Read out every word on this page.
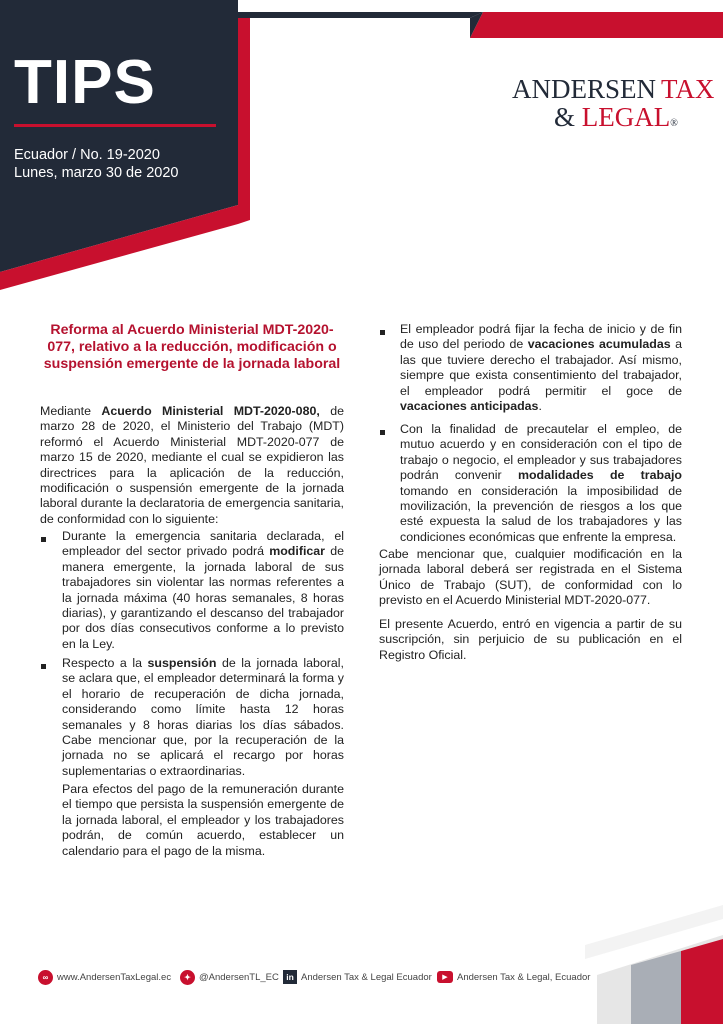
TIPS
Ecuador / No. 19-2020
Lunes, marzo 30 de 2020
ANDERSEN TAX
& LEGAL®
Reforma al Acuerdo Ministerial MDT-2020-077, relativo a la reducción, modificación o suspensión emergente de la jornada laboral

Mediante Acuerdo Ministerial MDT-2020-080, de marzo 28 de 2020, el Ministerio del Trabajo (MDT) reformó el Acuerdo Ministerial MDT-2020-077 de marzo 15 de 2020, mediante el cual se expidieron las directrices para la aplicación de la reducción, modificación o suspensión emergente de la jornada laboral durante la declaratoria de emergencia sanitaria, de conformidad con lo siguiente:

Durante la emergencia sanitaria declarada, el empleador del sector privado podrá modificar de manera emergente, la jornada laboral de sus trabajadores sin violentar las normas referentes a la jornada máxima (40 horas semanales, 8 horas diarias), y garantizando el descanso del trabajador por dos días consecutivos conforme a lo previsto en la Ley.
Respecto a la suspensión de la jornada laboral, se aclara que, el empleador determinará la forma y el horario de recuperación de dicha jornada, considerando como límite hasta 12 horas semanales y 8 horas diarias los días sábados. Cabe mencionar que, por la recuperación de la jornada no se aplicará el recargo por horas suplementarias o extraordinarias.
Para efectos del pago de la remuneración durante el tiempo que persista la suspensión emergente de la jornada laboral, el empleador y los trabajadores podrán, de común acuerdo, establecer un calendario para el pago de la misma.
El empleador podrá fijar la fecha de inicio y de fin de uso del periodo de vacaciones acumuladas a las que tuviere derecho el trabajador. Así mismo, siempre que exista consentimiento del trabajador, el empleador podrá permitir el goce de vacaciones anticipadas.
Con la finalidad de precautelar el empleo, de mutuo acuerdo y en consideración con el tipo de trabajo o negocio, el empleador y sus trabajadores podrán convenir modalidades de trabajo tomando en consideración la imposibilidad de movilización, la prevención de riesgos a los que esté expuesta la salud de los trabajadores y las condiciones económicas que enfrente la empresa.
Cabe mencionar que, cualquier modificación en la jornada laboral deberá ser registrada en el Sistema Único de Trabajo (SUT), de conformidad con lo previsto en el Acuerdo Ministerial MDT-2020-077.
El presente Acuerdo, entró en vigencia a partir de su suscripción, sin perjuicio de su publicación en el Registro Oficial.
∞ www.AndersenTaxLegal.ec	✦ @AndersenTL_EC in Andersen Tax & Legal Ecuador	▶ Andersen Tax & Legal, Ecuador
